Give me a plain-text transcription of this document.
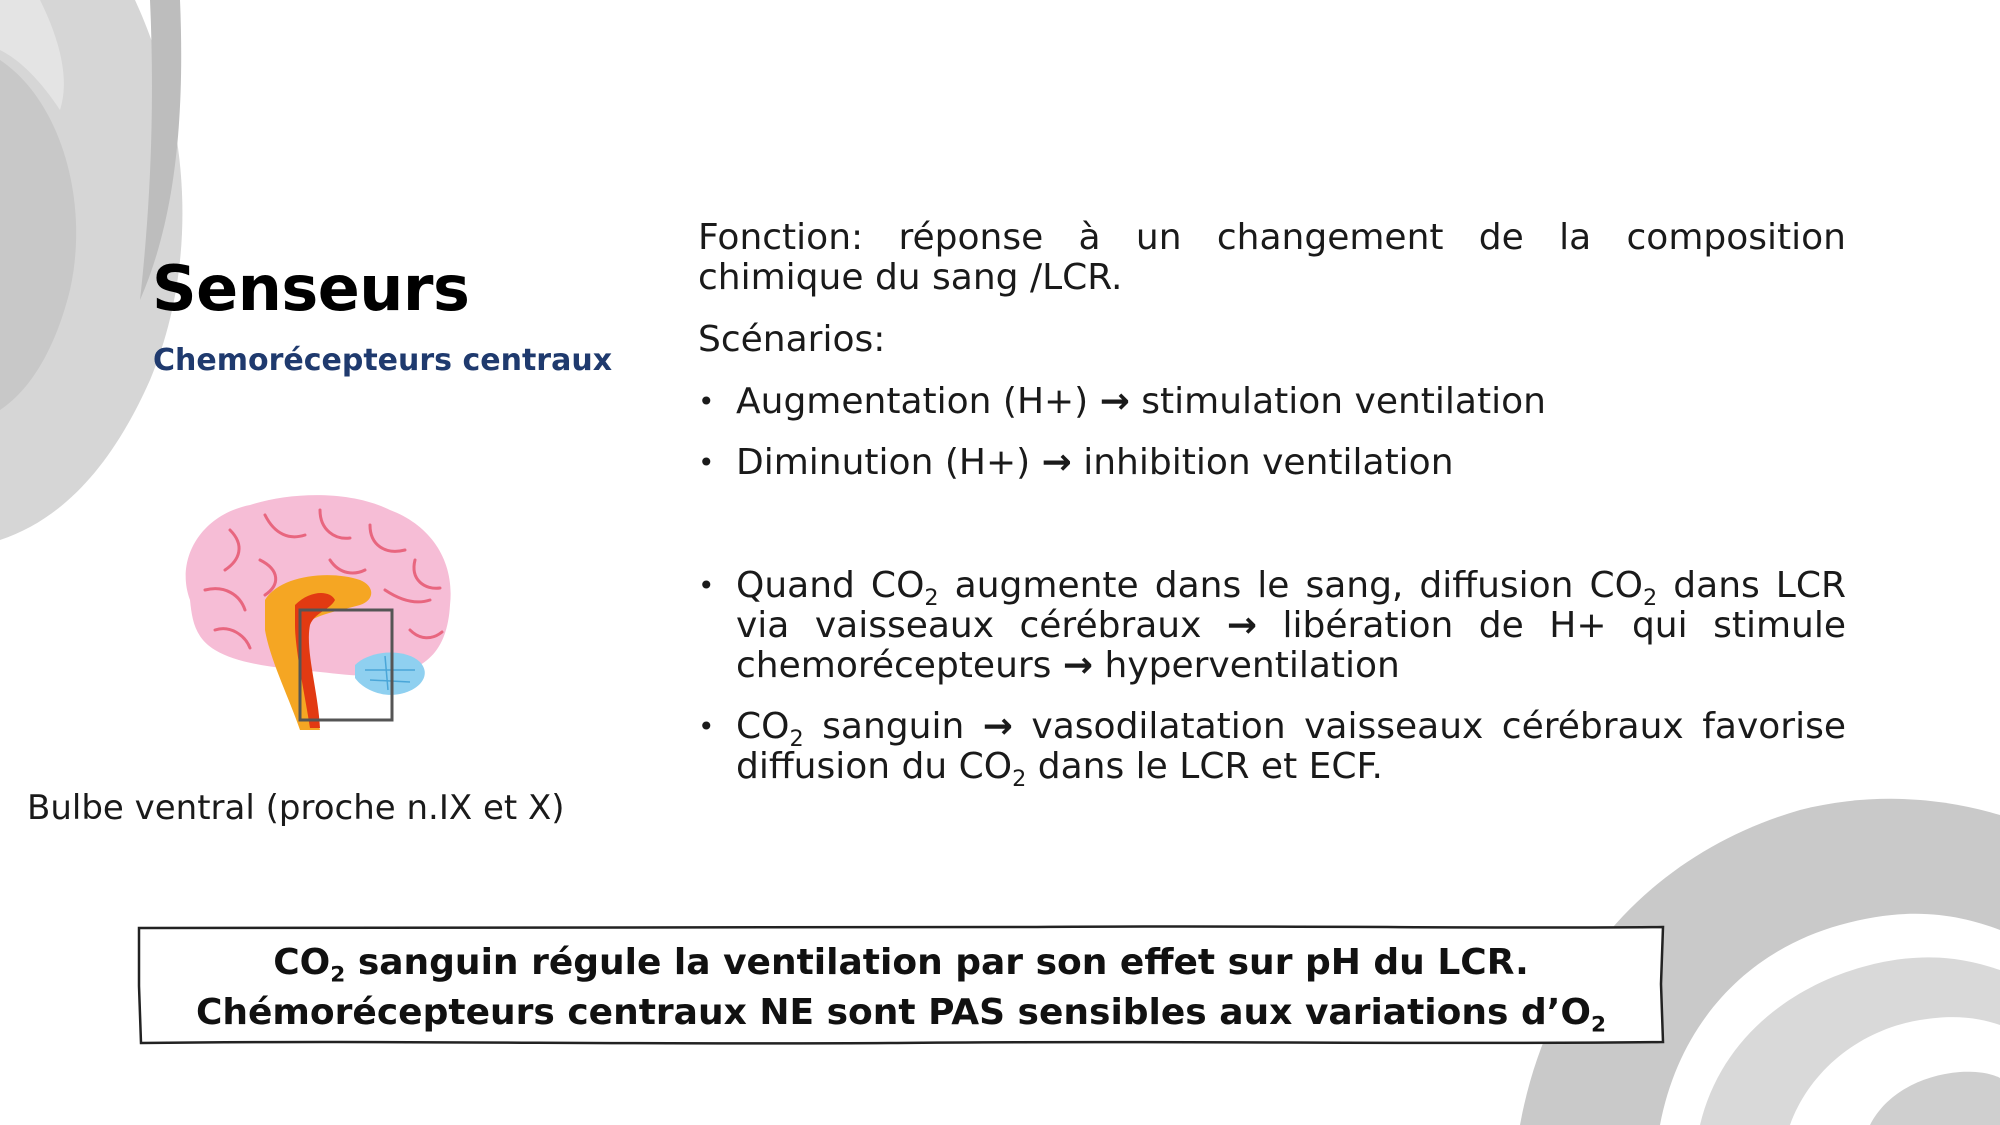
Senseurs
Chemorécepteurs centraux
Bulbe ventral (proche n.IX et X)

Fonction: réponse à un changement de la composition chimique du sang /LCR.

Scénarios:

• Augmentation (H+) → stimulation ventilation
• Diminution (H+) → inhibition ventilation
• Quand $CO_2$ augmente dans le sang, diffusion $CO_2$ dans LCR via vaisseaux cérébraux → libération de H+ qui stimule chemorécepteurs → hyperventilation
• $CO_2$ sanguin → vasodilatation vaisseaux cérébraux favorise diffusion du $CO_2$ dans le LCR et ECF.
$CO_2$ sanguin régule la ventilation par son effet sur pH du LCR.
Chémorécepteurs centraux NE sont PAS sensibles aux variations $d’O_2$
